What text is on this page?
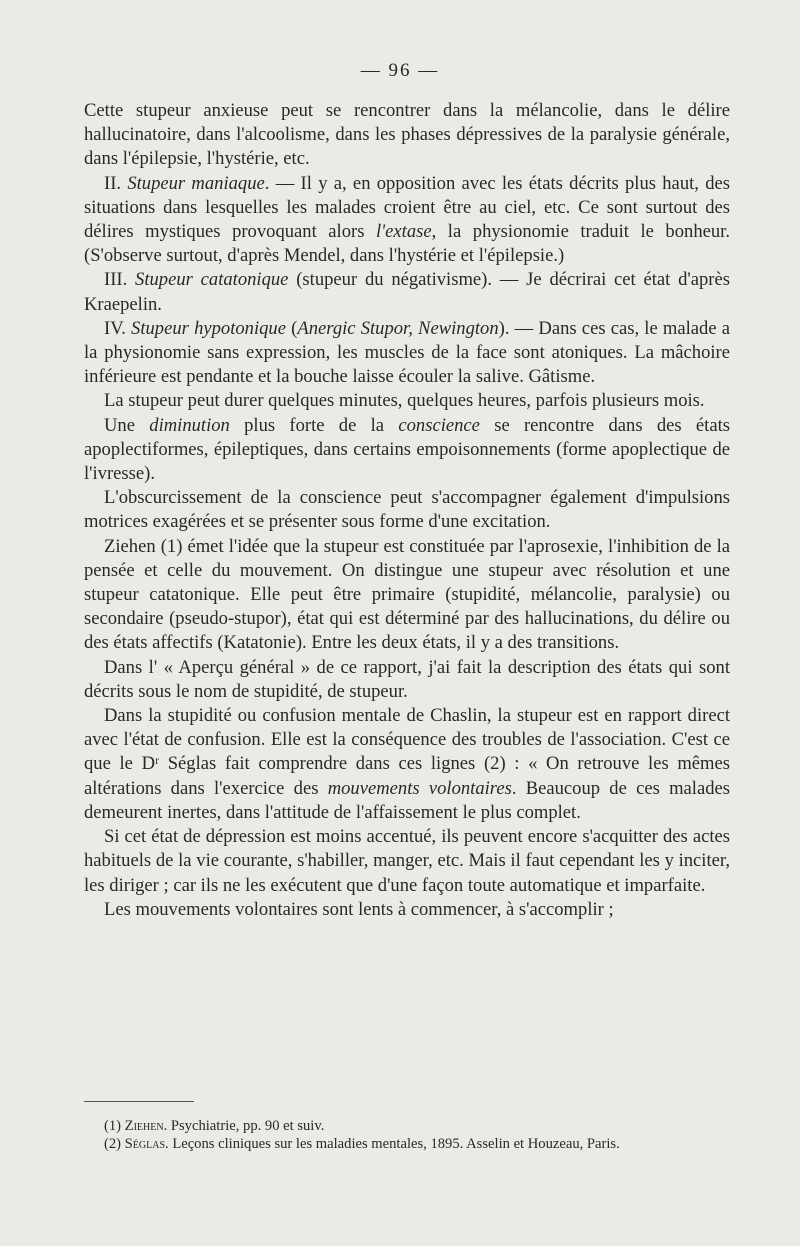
— 96 —

Cette stupeur anxieuse peut se rencontrer dans la mélancolie, dans le délire hallucinatoire, dans l'alcoolisme, dans les phases dépressives de la paralysie générale, dans l'épilepsie, l'hystérie, etc.

II. Stupeur maniaque. — Il y a, en opposition avec les états décrits plus haut, des situations dans lesquelles les malades croient être au ciel, etc. Ce sont surtout des délires mystiques provoquant alors l'extase, la physionomie traduit le bonheur. (S'observe surtout, d'après Mendel, dans l'hystérie et l'épilepsie.)

III. Stupeur catatonique (stupeur du négativisme). — Je décrirai cet état d'après Kraepelin.

IV. Stupeur hypotonique (Anergic Stupor, Newington). — Dans ces cas, le malade a la physionomie sans expression, les muscles de la face sont atoniques. La mâchoire inférieure est pendante et la bouche laisse écouler la salive. Gâtisme.

La stupeur peut durer quelques minutes, quelques heures, parfois plusieurs mois.

Une diminution plus forte de la conscience se rencontre dans des états apoplectiformes, épileptiques, dans certains empoisonnements (forme apoplectique de l'ivresse).

L'obscurcissement de la conscience peut s'accompagner également d'impulsions motrices exagérées et se présenter sous forme d'une excitation.

Ziehen (1) émet l'idée que la stupeur est constituée par l'aprosexie, l'inhibition de la pensée et celle du mouvement. On distingue une stupeur avec résolution et une stupeur catatonique. Elle peut être primaire (stupidité, mélancolie, paralysie) ou secondaire (pseudo-stupor), état qui est déterminé par des hallucinations, du délire ou des états affectifs (Katatonie). Entre les deux états, il y a des transitions.

Dans l' « Aperçu général » de ce rapport, j'ai fait la description des états qui sont décrits sous le nom de stupidité, de stupeur.

Dans la stupidité ou confusion mentale de Chaslin, la stupeur est en rapport direct avec l'état de confusion. Elle est la conséquence des troubles de l'association. C'est ce que le Dʳ Séglas fait comprendre dans ces lignes (2) : « On retrouve les mêmes altérations dans l'exercice des mouvements volontaires. Beaucoup de ces malades demeurent inertes, dans l'attitude de l'affaissement le plus complet.

Si cet état de dépression est moins accentué, ils peuvent encore s'acquitter des actes habituels de la vie courante, s'habiller, manger, etc. Mais il faut cependant les y inciter, les diriger ; car ils ne les exécutent que d'une façon toute automatique et imparfaite.

Les mouvements volontaires sont lents à commencer, à s'accomplir ;

(1) Ziehen. Psychiatrie, pp. 90 et suiv.

(2) Séglas. Leçons cliniques sur les maladies mentales, 1895. Asselin et Houzeau, Paris.
